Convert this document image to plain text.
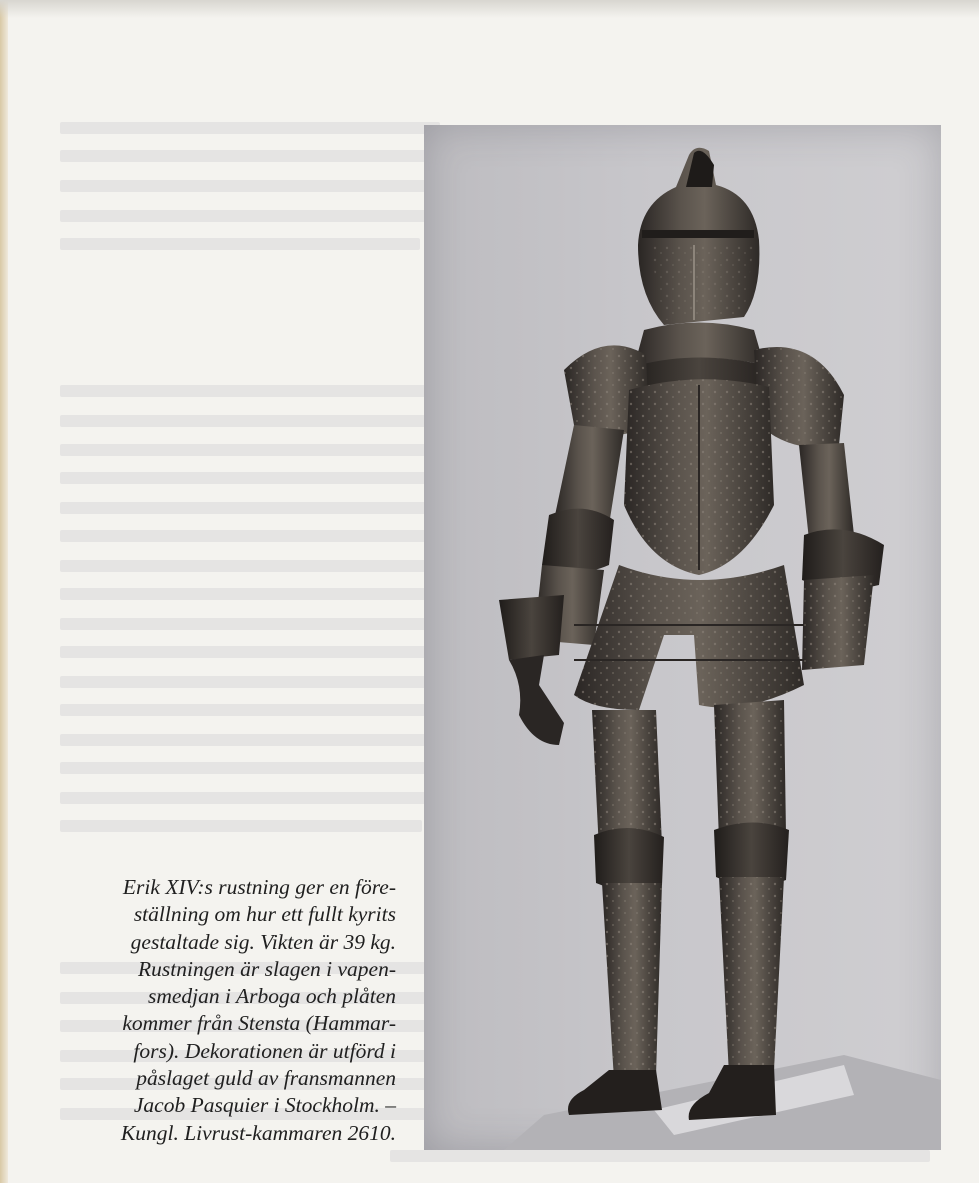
Erik XIV:s rustning ger en före-
ställning om hur ett fullt kyrits
gestaltade sig. Vikten är 39 kg.
Rustningen är slagen i vapen-
smedjan i Arboga och plåten
kommer från Stensta (Hammar-
fors). Dekorationen är utförd i
påslaget guld av fransmannen
Jacob Pasquier i Stockholm. –
Kungl. Livrust-kammaren 2610.
